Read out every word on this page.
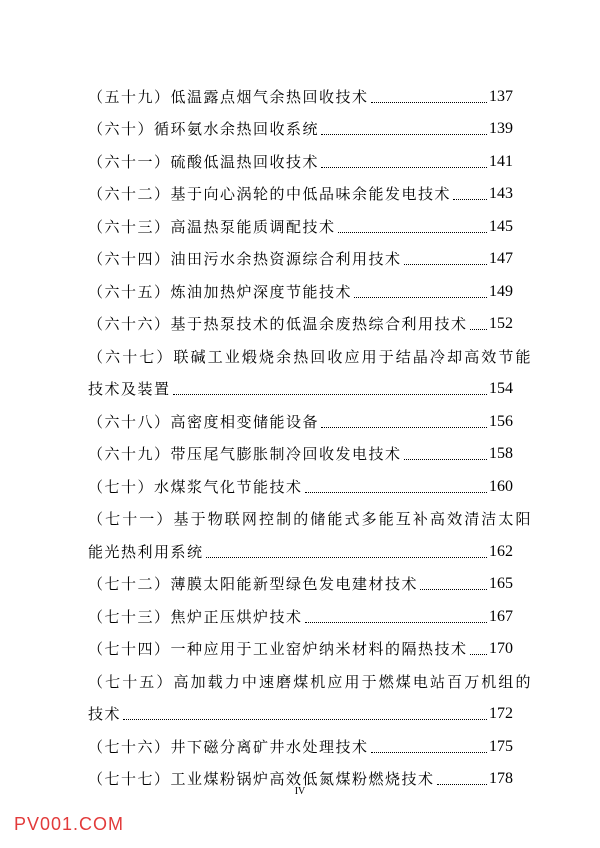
（五十九）低温露点烟气余热回收技术	137
（六十）循环氨水余热回收系统	139
（六十一）硫酸低温热回收技术	141
（六十二）基于向心涡轮的中低品味余能发电技术 143
（六十三）高温热泵能质调配技术	145
（六十四）油田污水余热资源综合利用技术	147
（六十五）炼油加热炉深度节能技术	149
（六十六）基于热泵技术的低温余废热综合利用技术 152
（六十七）联碱工业煅烧余热回收应用于结晶冷却高效节能
技术及装置	154
（六十八）高密度相变储能设备	156
（六十九）带压尾气膨胀制冷回收发电技术	158
（七十）水煤浆气化节能技术	160
（七十一）基于物联网控制的储能式多能互补高效清洁太阳
能光热利用系统	162
（七十二）薄膜太阳能新型绿色发电建材技术	165
（七十三）焦炉正压烘炉技术	167
（七十四）一种应用于工业窑炉纳米材料的隔热技术 170
（七十五）高加载力中速磨煤机应用于燃煤电站百万机组的
技术	172
（七十六）井下磁分离矿井水处理技术	175
（七十七）工业煤粉锅炉高效低氮煤粉燃烧技术	178
IV
PV001.COM
